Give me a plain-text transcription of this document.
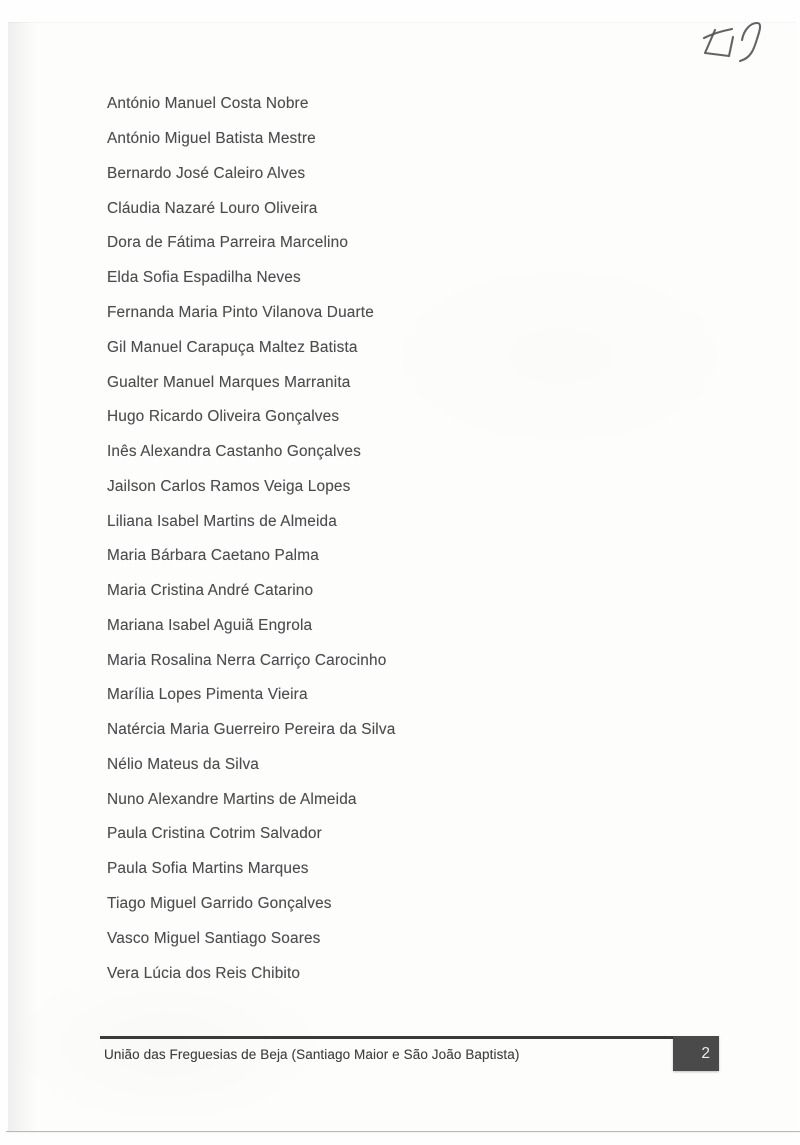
António Manuel Costa Nobre
António Miguel Batista Mestre
Bernardo José Caleiro Alves
Cláudia Nazaré Louro Oliveira
Dora de Fátima Parreira Marcelino
Elda Sofia Espadilha Neves
Fernanda Maria Pinto Vilanova Duarte
Gil Manuel Carapuça Maltez Batista
Gualter Manuel Marques Marranita
Hugo Ricardo Oliveira Gonçalves
Inês Alexandra Castanho Gonçalves
Jailson Carlos Ramos Veiga Lopes
Liliana Isabel Martins de Almeida
Maria Bárbara Caetano Palma
Maria Cristina André Catarino
Mariana Isabel Aguiã Engrola
Maria Rosalina Nerra Carriço Carocinho
Marília Lopes Pimenta Vieira
Natércia Maria Guerreiro Pereira da Silva
Nélio Mateus da Silva
Nuno Alexandre Martins de Almeida
Paula Cristina Cotrim Salvador
Paula Sofia Martins Marques
Tiago Miguel Garrido Gonçalves
Vasco Miguel Santiago Soares
Vera Lúcia dos Reis Chibito
União das Freguesias de Beja (Santiago Maior e São João Baptista)	2
